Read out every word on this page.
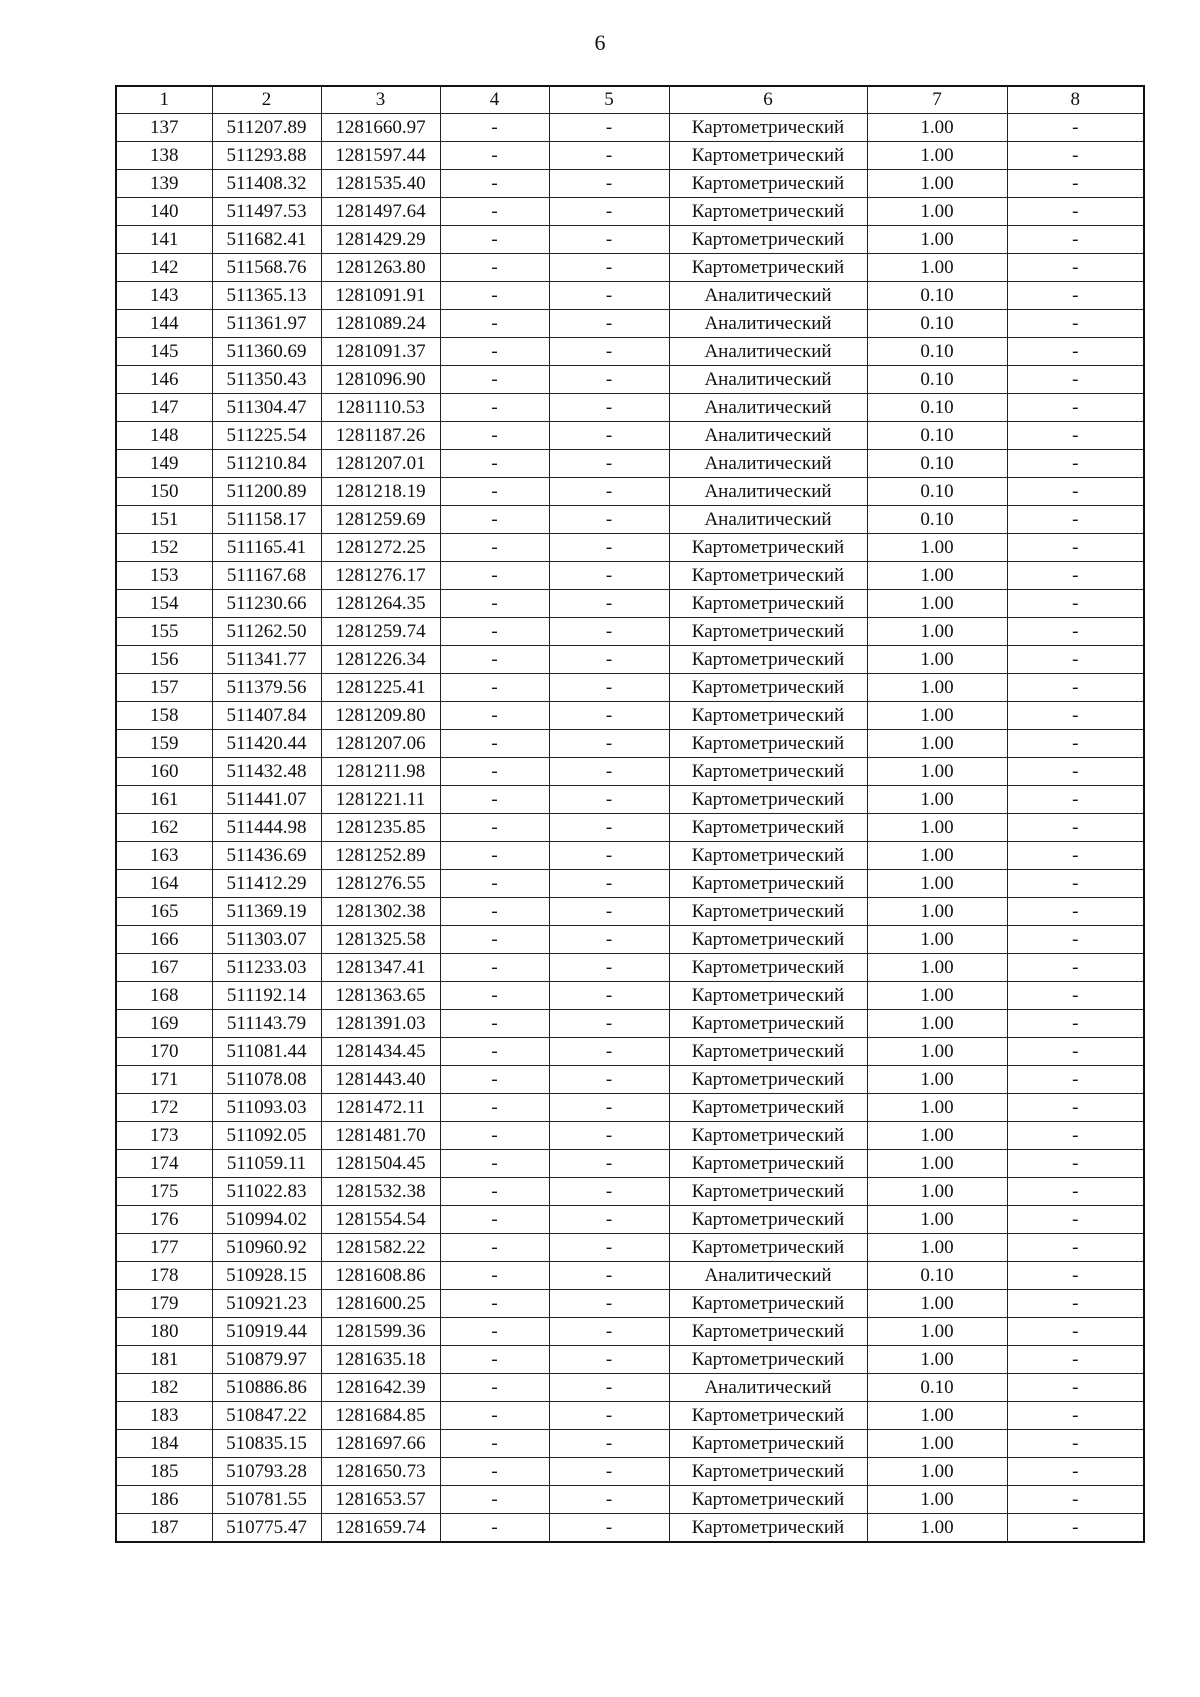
6
1	2	3	4	5	6	7	8
137	511207.89	1281660.97	-	-	Картометрический	1.00	-
138	511293.88	1281597.44	-	-	Картометрический	1.00	-
139	511408.32	1281535.40	-	-	Картометрический	1.00	-
140	511497.53	1281497.64	-	-	Картометрический	1.00	-
141	511682.41	1281429.29	-	-	Картометрический	1.00	-
142	511568.76	1281263.80	-	-	Картометрический	1.00	-
143	511365.13	1281091.91	-	-	Аналитический	0.10	-
144	511361.97	1281089.24	-	-	Аналитический	0.10	-
145	511360.69	1281091.37	-	-	Аналитический	0.10	-
146	511350.43	1281096.90	-	-	Аналитический	0.10	-
147	511304.47	1281110.53	-	-	Аналитический	0.10	-
148	511225.54	1281187.26	-	-	Аналитический	0.10	-
149	511210.84	1281207.01	-	-	Аналитический	0.10	-
150	511200.89	1281218.19	-	-	Аналитический	0.10	-
151	511158.17	1281259.69	-	-	Аналитический	0.10	-
152	511165.41	1281272.25	-	-	Картометрический	1.00	-
153	511167.68	1281276.17	-	-	Картометрический	1.00	-
154	511230.66	1281264.35	-	-	Картометрический	1.00	-
155	511262.50	1281259.74	-	-	Картометрический	1.00	-
156	511341.77	1281226.34	-	-	Картометрический	1.00	-
157	511379.56	1281225.41	-	-	Картометрический	1.00	-
158	511407.84	1281209.80	-	-	Картометрический	1.00	-
159	511420.44	1281207.06	-	-	Картометрический	1.00	-
160	511432.48	1281211.98	-	-	Картометрический	1.00	-
161	511441.07	1281221.11	-	-	Картометрический	1.00	-
162	511444.98	1281235.85	-	-	Картометрический	1.00	-
163	511436.69	1281252.89	-	-	Картометрический	1.00	-
164	511412.29	1281276.55	-	-	Картометрический	1.00	-
165	511369.19	1281302.38	-	-	Картометрический	1.00	-
166	511303.07	1281325.58	-	-	Картометрический	1.00	-
167	511233.03	1281347.41	-	-	Картометрический	1.00	-
168	511192.14	1281363.65	-	-	Картометрический	1.00	-
169	511143.79	1281391.03	-	-	Картометрический	1.00	-
170	511081.44	1281434.45	-	-	Картометрический	1.00	-
171	511078.08	1281443.40	-	-	Картометрический	1.00	-
172	511093.03	1281472.11	-	-	Картометрический	1.00	-
173	511092.05	1281481.70	-	-	Картометрический	1.00	-
174	511059.11	1281504.45	-	-	Картометрический	1.00	-
175	511022.83	1281532.38	-	-	Картометрический	1.00	-
176	510994.02	1281554.54	-	-	Картометрический	1.00	-
177	510960.92	1281582.22	-	-	Картометрический	1.00	-
178	510928.15	1281608.86	-	-	Аналитический	0.10	-
179	510921.23	1281600.25	-	-	Картометрический	1.00	-
180	510919.44	1281599.36	-	-	Картометрический	1.00	-
181	510879.97	1281635.18	-	-	Картометрический	1.00	-
182	510886.86	1281642.39	-	-	Аналитический	0.10	-
183	510847.22	1281684.85	-	-	Картометрический	1.00	-
184	510835.15	1281697.66	-	-	Картометрический	1.00	-
185	510793.28	1281650.73	-	-	Картометрический	1.00	-
186	510781.55	1281653.57	-	-	Картометрический	1.00	-
187	510775.47	1281659.74	-	-	Картометрический	1.00	-
